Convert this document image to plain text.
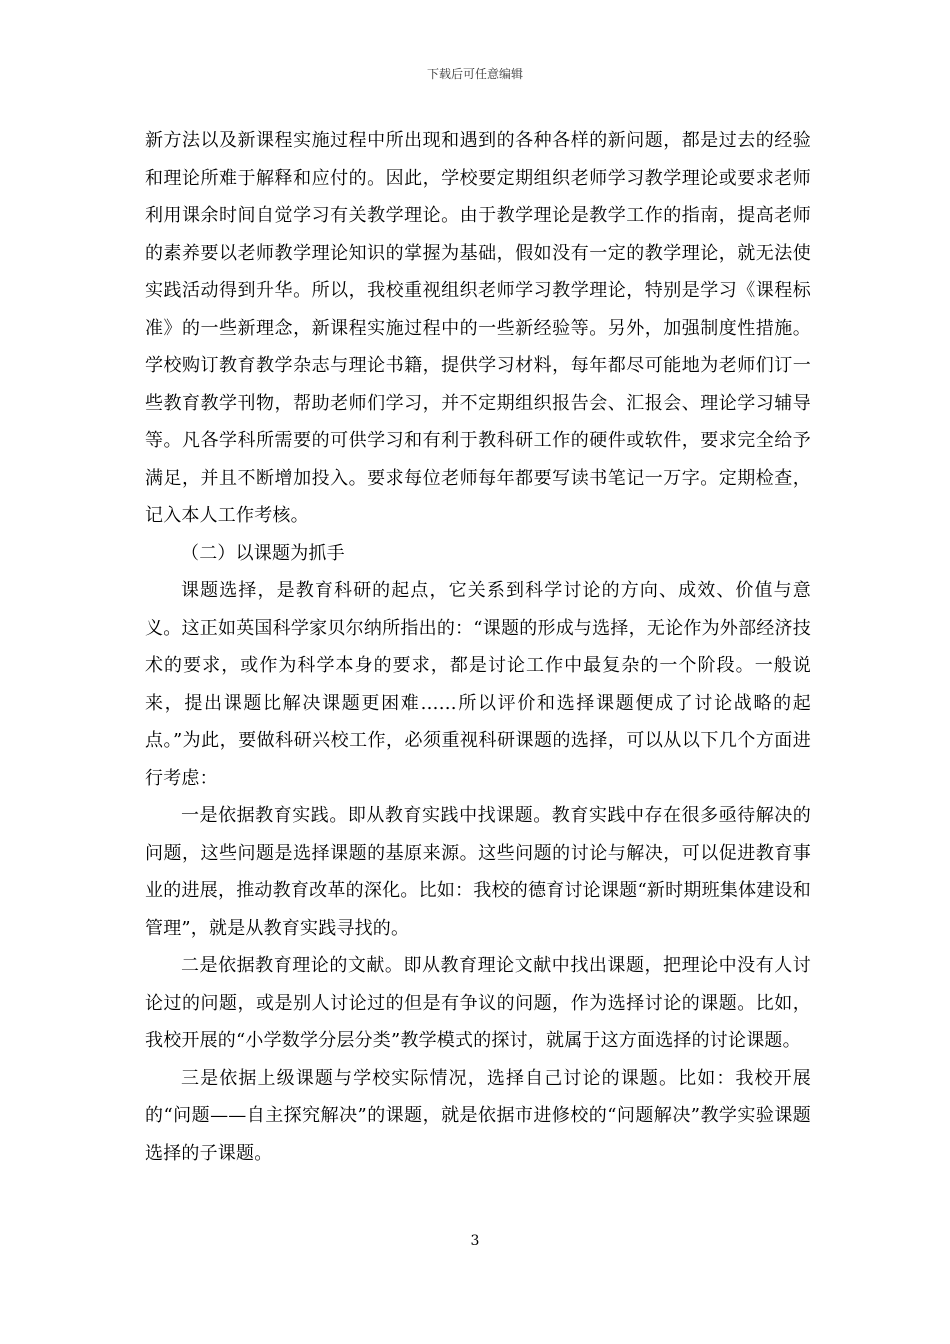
下载后可任意编辑

新方法以及新课程实施过程中所出现和遇到的各种各样的新问题，都是过去的经验和理论所难于解释和应付的。因此，学校要定期组织老师学习教学理论或要求老师利用课余时间自觉学习有关教学理论。由于教学理论是教学工作的指南，提高老师的素养要以老师教学理论知识的掌握为基础，假如没有一定的教学理论，就无法使实践活动得到升华。所以，我校重视组织老师学习教学理论，特别是学习《课程标准》的一些新理念，新课程实施过程中的一些新经验等。另外，加强制度性措施。学校购订教育教学杂志与理论书籍，提供学习材料，每年都尽可能地为老师们订一些教育教学刊物，帮助老师们学习，并不定期组织报告会、汇报会、理论学习辅导等。凡各学科所需要的可供学习和有利于教科研工作的硬件或软件，要求完全给予满足，并且不断增加投入。要求每位老师每年都要写读书笔记一万字。定期检查，记入本人工作考核。

（二）以课题为抓手

课题选择，是教育科研的起点，它关系到科学讨论的方向、成效、价值与意义。这正如英国科学家贝尔纳所指出的：“课题的形成与选择，无论作为外部经济技术的要求，或作为科学本身的要求，都是讨论工作中最复杂的一个阶段。一般说来，提出课题比解决课题更困难……所以评价和选择课题便成了讨论战略的起点。”为此，要做科研兴校工作，必须重视科研课题的选择，可以从以下几个方面进行考虑：

一是依据教育实践。即从教育实践中找课题。教育实践中存在很多亟待解决的问题，这些问题是选择课题的基原来源。这些问题的讨论与解决，可以促进教育事业的进展，推动教育改革的深化。比如：我校的德育讨论课题“新时期班集体建设和管理”，就是从教育实践寻找的。

二是依据教育理论的文献。即从教育理论文献中找出课题，把理论中没有人讨论过的问题，或是别人讨论过的但是有争议的问题，作为选择讨论的课题。比如，我校开展的“小学数学分层分类”教学模式的探讨，就属于这方面选择的讨论课题。

三是依据上级课题与学校实际情况，选择自己讨论的课题。比如：我校开展的“问题——自主探究解决”的课题，就是依据市进修校的“问题解决”教学实验课题选择的子课题。

3
